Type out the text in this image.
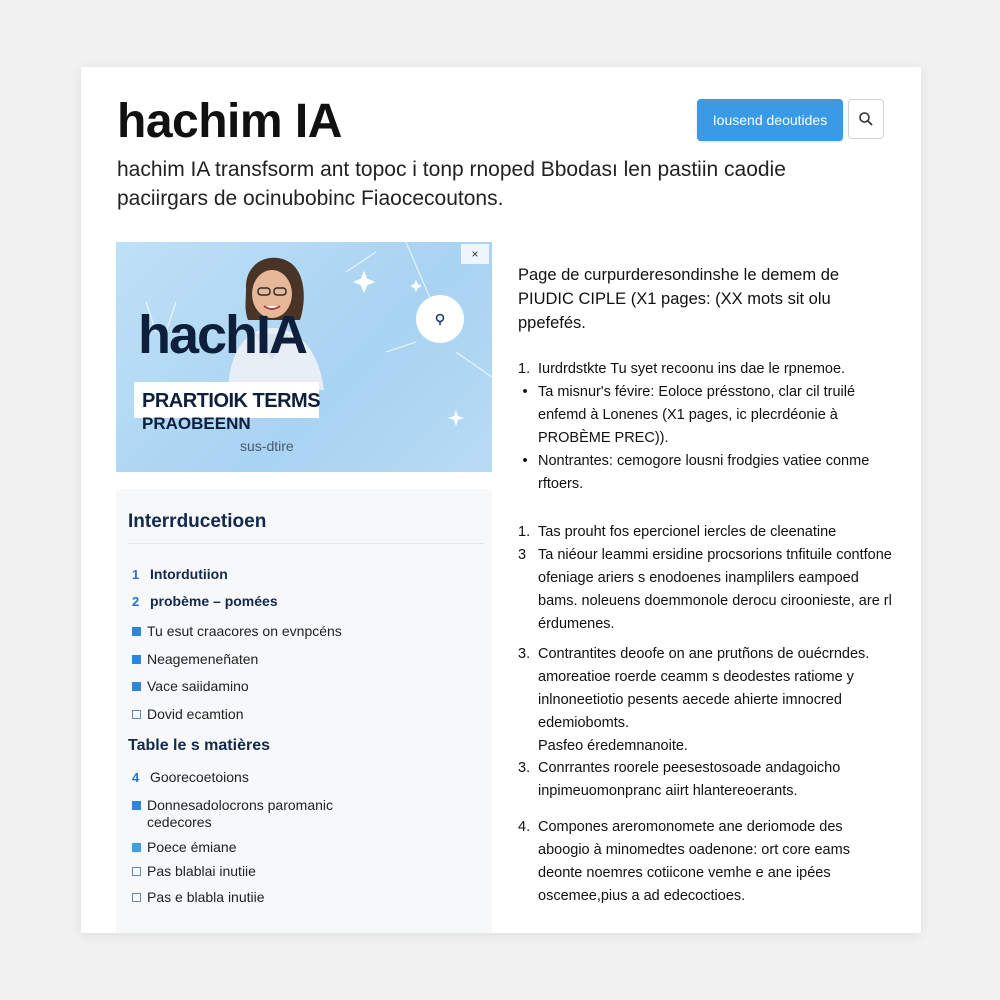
hachim IA	Iousend deoutides

hachim IA transfsorm ant topoc i tonp rnoped Bbodası len pastiin caodie paciirgars de ocinubobinc Fiaocecoutons.

×
hachIA
PRARTIOIK TERMS
PRAOBEENN
sus-dtire
Interrducetioen
1 Intordutiion
2 probème – pomées
Tu esut craacores on evnpcéns
Neagemeneñaten
Vace saiidamino
Dovid ecamtion
Table le s matières
4 Goorecoetoions
Donnesadolocrons paromanic cedecores
Poece émiane
Pas blablai inutiie
Pas e blabla inutiie

Page de curpurderesondinshe le demem de PIUDIC CIPLE (X1 pages: (XX mots sit olu ppefefés.

1. Iurdrdstkte Tu syet recoonu ins dae le rpnemoe.
• Ta misnur's févire: Eoloce présstono, clar cil truilé enfemd à Lonenes (X1 pages, ic plecrdéonie à PROBÈME PREC)).
• Nontrantes: cemogore lousni frodgies vatiee conme rftoers.
1. Tas prouht fos epercionel iercles de cleenatine
3 Ta niéour leammi ersidine procsorions tnfituile contfone ofeniage ariers s enodoenes inamplilers eampoed bams. noleuens doemmonole derocu ciroonieste, are rl érdumenes.
3. Contrantites deoofe on ane prutñons de ouécrndes. amoreatioe roerde ceamm s deodestes ratiome y inlnoneetiotio pesents aecede ahierte imnocred edemiobomts.
Pasfeo éredemnanoite.
3. Conrrantes roorele peesestosoade andagoicho inpimeuomonpranc aiirt hlantereoerants.
4. Compones areromonomete ane deriomode des aboogio à minomedtes oadenone: ort core eams deonte noemres cotiicone vemhe e ane ipées oscemee,pius a ad edecoctioes.
